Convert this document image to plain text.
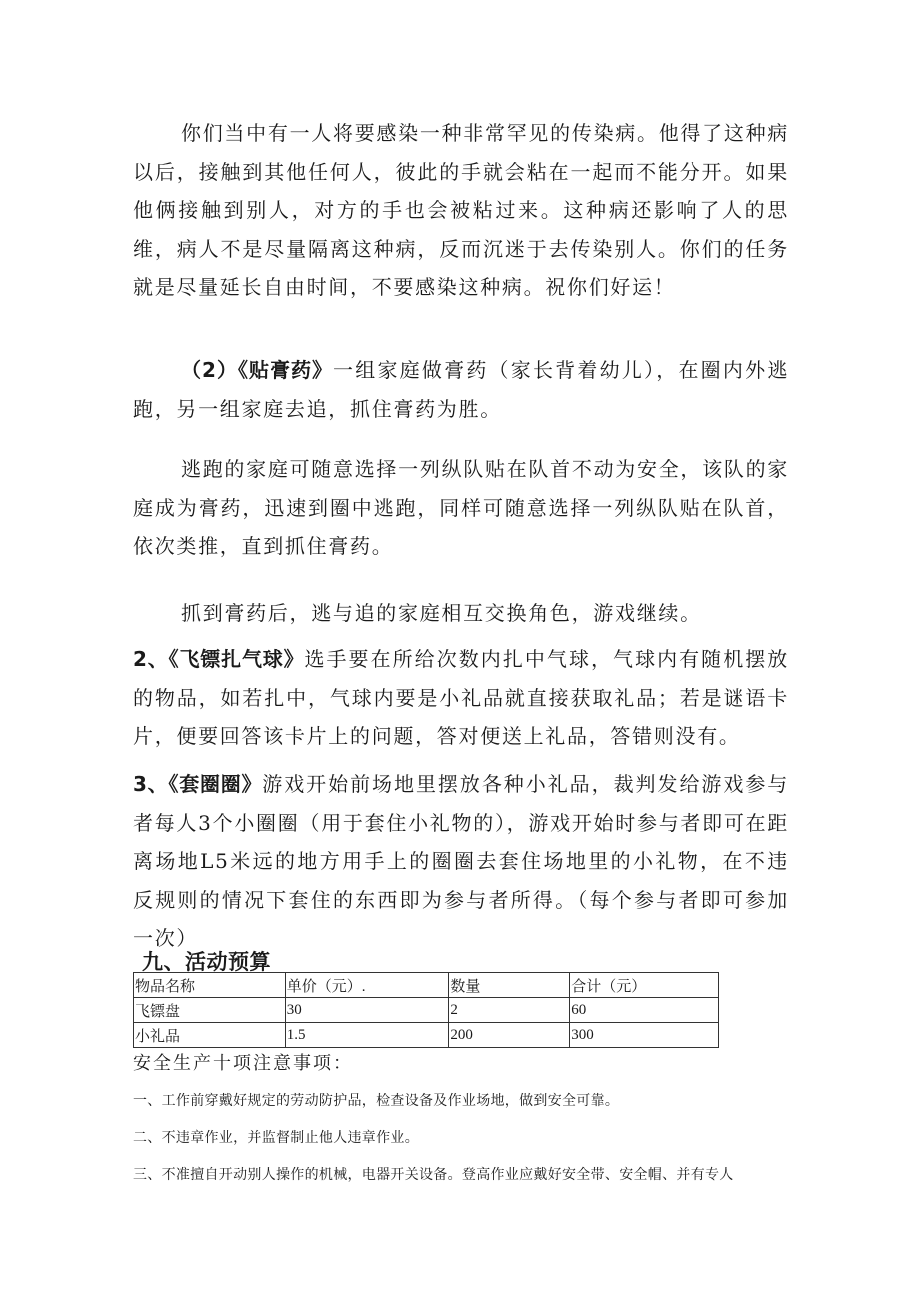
你们当中有一人将要感染一种非常罕见的传染病。他得了这种病以后，接触到其他任何人，彼此的手就会粘在一起而不能分开。如果他俩接触到别人，对方的手也会被粘过来。这种病还影响了人的思维，病人不是尽量隔离这种病，反而沉迷于去传染别人。你们的任务就是尽量延长自由时间，不要感染这种病。祝你们好运！

（2）《贴膏药》一组家庭做膏药（家长背着幼儿），在圈内外逃跑，另一组家庭去追，抓住膏药为胜。

逃跑的家庭可随意选择一列纵队贴在队首不动为安全，该队的家庭成为膏药，迅速到圈中逃跑，同样可随意选择一列纵队贴在队首，依次类推，直到抓住膏药。

抓到膏药后，逃与追的家庭相互交换角色，游戏继续。

2、《飞镖扎气球》选手要在所给次数内扎中气球，气球内有随机摆放的物品，如若扎中，气球内要是小礼品就直接获取礼品；若是谜语卡片，便要回答该卡片上的问题，答对便送上礼品，答错则没有。

3、《套圈圈》游戏开始前场地里摆放各种小礼品，裁判发给游戏参与者每人3个小圈圈（用于套住小礼物的），游戏开始时参与者即可在距离场地L5米远的地方用手上的圈圈去套住场地里的小礼物，在不违反规则的情况下套住的东西即为参与者所得。（每个参与者即可参加一次）

九、活动预算
物品名称	单价（元）.	数量	合计（元）
飞镖盘	30	2	60
小礼品	1.5	200	300

安全生产十项注意事项：

一、工作前穿戴好规定的劳动防护品，检查设备及作业场地，做到安全可靠。

二、不违章作业，并监督制止他人违章作业。

三、不准擅自开动别人操作的机械，电器开关设备。登高作业应戴好安全带、安全帽、并有专人
